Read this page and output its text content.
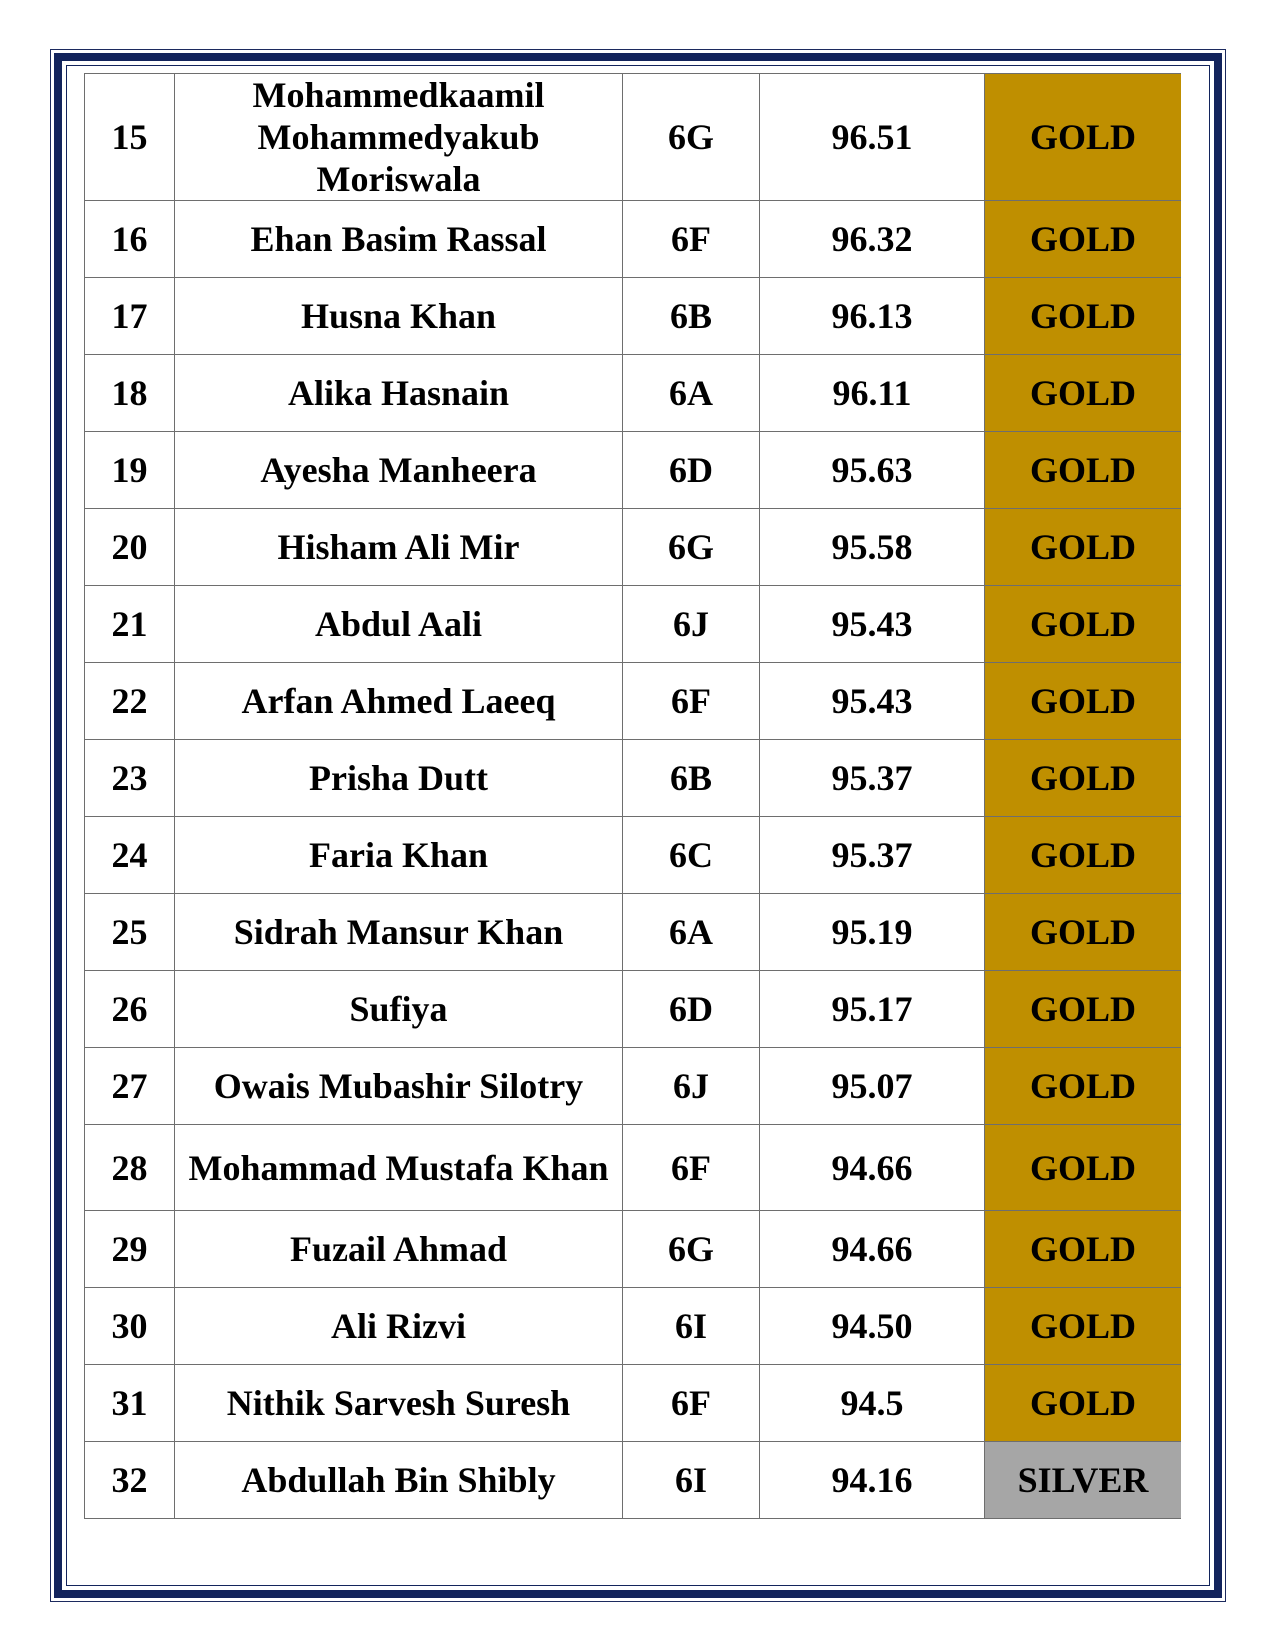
15	Mohammedkaamil Mohammedyakub Moriswala	6G	96.51	GOLD
16	Ehan Basim Rassal	6F	96.32	GOLD
17	Husna Khan	6B	96.13	GOLD
18	Alika Hasnain	6A	96.11	GOLD
19	Ayesha Manheera	6D	95.63	GOLD
20	Hisham Ali Mir	6G	95.58	GOLD
21	Abdul Aali	6J	95.43	GOLD
22	Arfan Ahmed Laeeq	6F	95.43	GOLD
23	Prisha Dutt	6B	95.37	GOLD
24	Faria Khan	6C	95.37	GOLD
25	Sidrah Mansur Khan	6A	95.19	GOLD
26	Sufiya	6D	95.17	GOLD
27	Owais Mubashir Silotry	6J	95.07	GOLD
28	Mohammad Mustafa Khan	6F	94.66	GOLD
29	Fuzail Ahmad	6G	94.66	GOLD
30	Ali Rizvi	6I	94.50	GOLD
31	Nithik Sarvesh Suresh	6F	94.5	GOLD
32	Abdullah Bin Shibly	6I	94.16	SILVER
